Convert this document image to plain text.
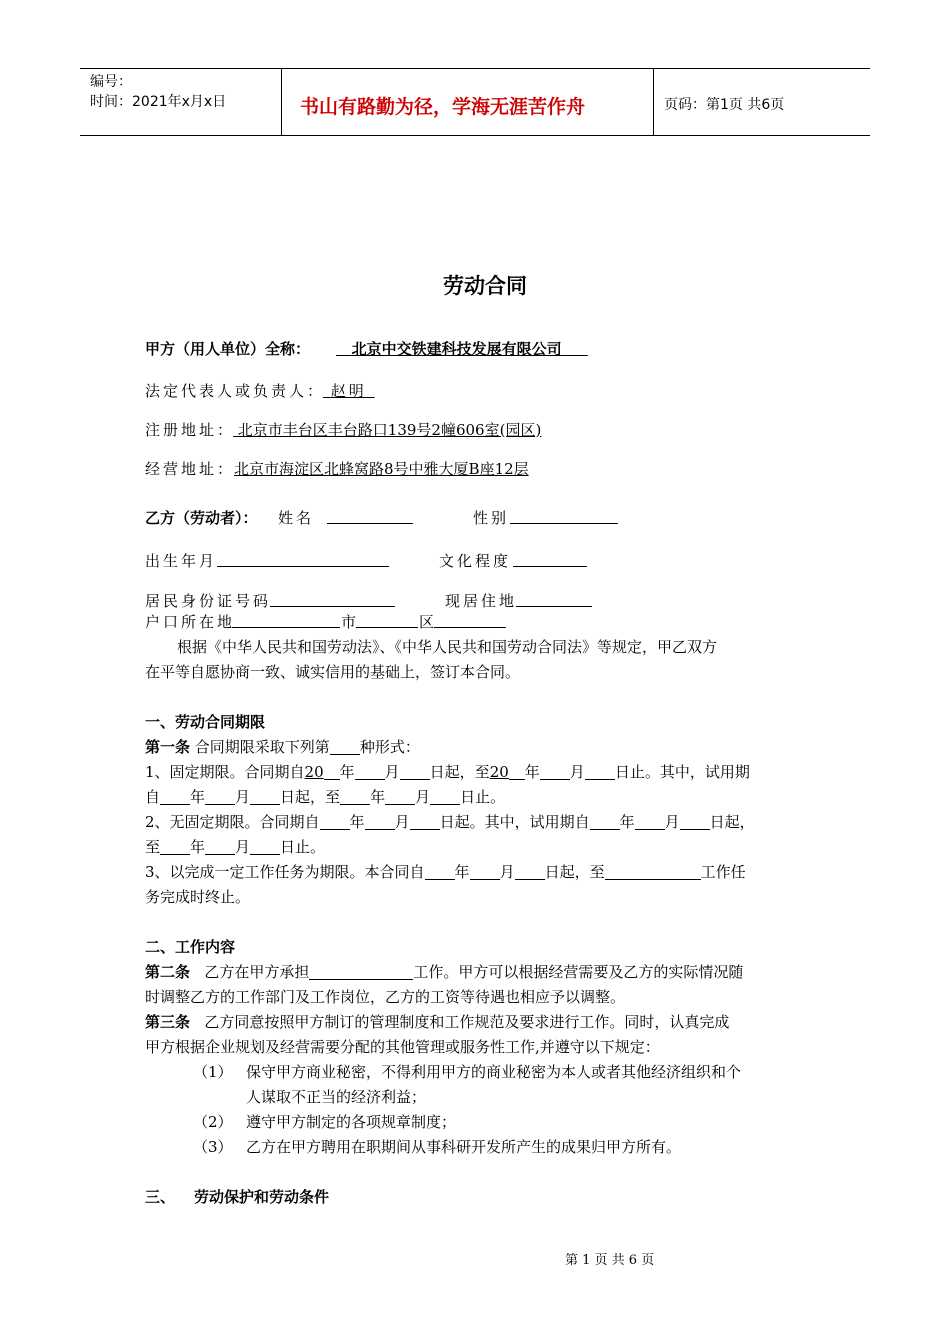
编号：
时间：2021年x月x日	书山有路勤为径，学海无涯苦作舟	页码：第1页 共6页
劳动合同
甲方（用人单位）全称：	北京中交铁建科技发展有限公司
法定代表人或负责人： 赵明
注册地址： 北京市丰台区丰台路口139号2幢606室(园区)
经营地址：
北京市海淀区北蜂窝路8号中雅大厦B座12层
乙方（劳动者）： 姓名	性别
出生年月	文化程度
居民身份证号码	现居住地
户口所在地	市	区
根据《中华人民共和国劳动法》、《中华人民共和国劳动合同法》等规定，甲乙双方
在平等自愿协商一致、诚实信用的基础上，签订本合同。
一、劳动合同期限
第一条 合同期限采取下列第 种形式：
1、固定期限。合同期自20 年 月 日起，至20 年 月 日止。其中，试用期
自 年 月 日起，至 年 月 日止。
2、无固定期限。合同期自 年 月 日起。其中，试用期自 年 月 日起，
至 年 月 日止。
3、以完成一定工作任务为期限。本合同自 年 月 日起，至	工作任
务完成时终止。
二、工作内容
第二条 乙方在甲方承担	工作。甲方可以根据经营需要及乙方的实际情况随
时调整乙方的工作部门及工作岗位，乙方的工资等待遇也相应予以调整。
第三条 乙方同意按照甲方制订的管理制度和工作规范及要求进行工作。同时，认真完成
甲方根据企业规划及经营需要分配的其他管理或服务性工作,并遵守以下规定：
（1） 保守甲方商业秘密，不得利用甲方的商业秘密为本人或者其他经济组织和个
人谋取不正当的经济利益；
（2） 遵守甲方制定的各项规章制度；
（3） 乙方在甲方聘用在职期间从事科研开发所产生的成果归甲方所有。
三、 劳动保护和劳动条件
第 1 页 共 6 页
